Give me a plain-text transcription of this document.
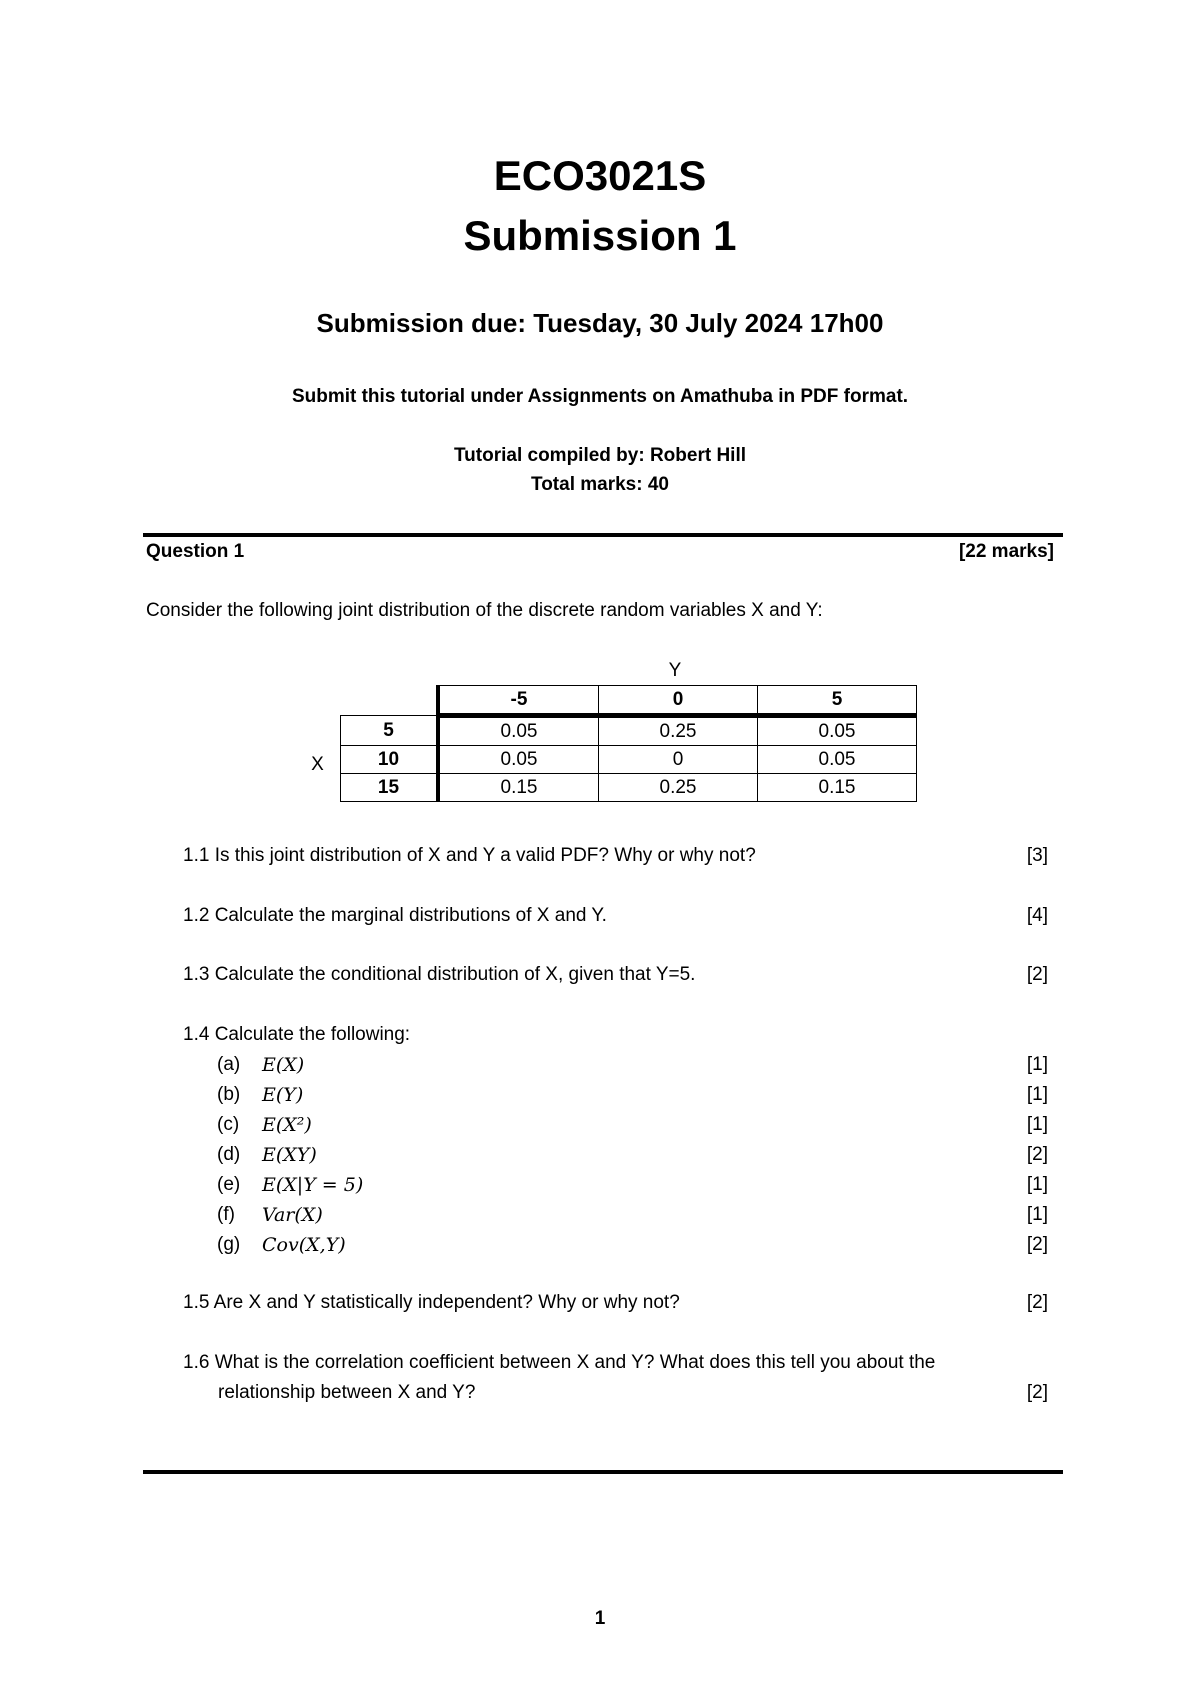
ECO3021S
Submission 1
Submission due: Tuesday, 30 July 2024 17h00
Submit this tutorial under Assignments on Amathuba in PDF format.
Tutorial compiled by: Robert Hill
Total marks: 40
Question 1	[22 marks]
Consider the following joint distribution of the discrete random variables X and Y:
Y
X
	-5	0	5
5	0.05	0.25	0.05
10	0.05	0	0.05
15	0.15	0.25	0.15
1.1 Is this joint distribution of X and Y a valid PDF? Why or why not?	[3]
1.2 Calculate the marginal distributions of X and Y.	[4]
1.3 Calculate the conditional distribution of X, given that Y=5.	[2]
1.4 Calculate the following:
(a) E(X)	[1]
(b) E(Y)	[1]
(c) E(X²)	[1]
(d) E(XY)	[2]
(e) E(X|Y = 5)	[1]
(f) Var(X)	[1]
(g) Cov(X,Y)	[2]
1.5 Are X and Y statistically independent? Why or why not?	[2]
1.6 What is the correlation coefficient between X and Y? What does this tell you about the
relationship between X and Y?	[2]
1
